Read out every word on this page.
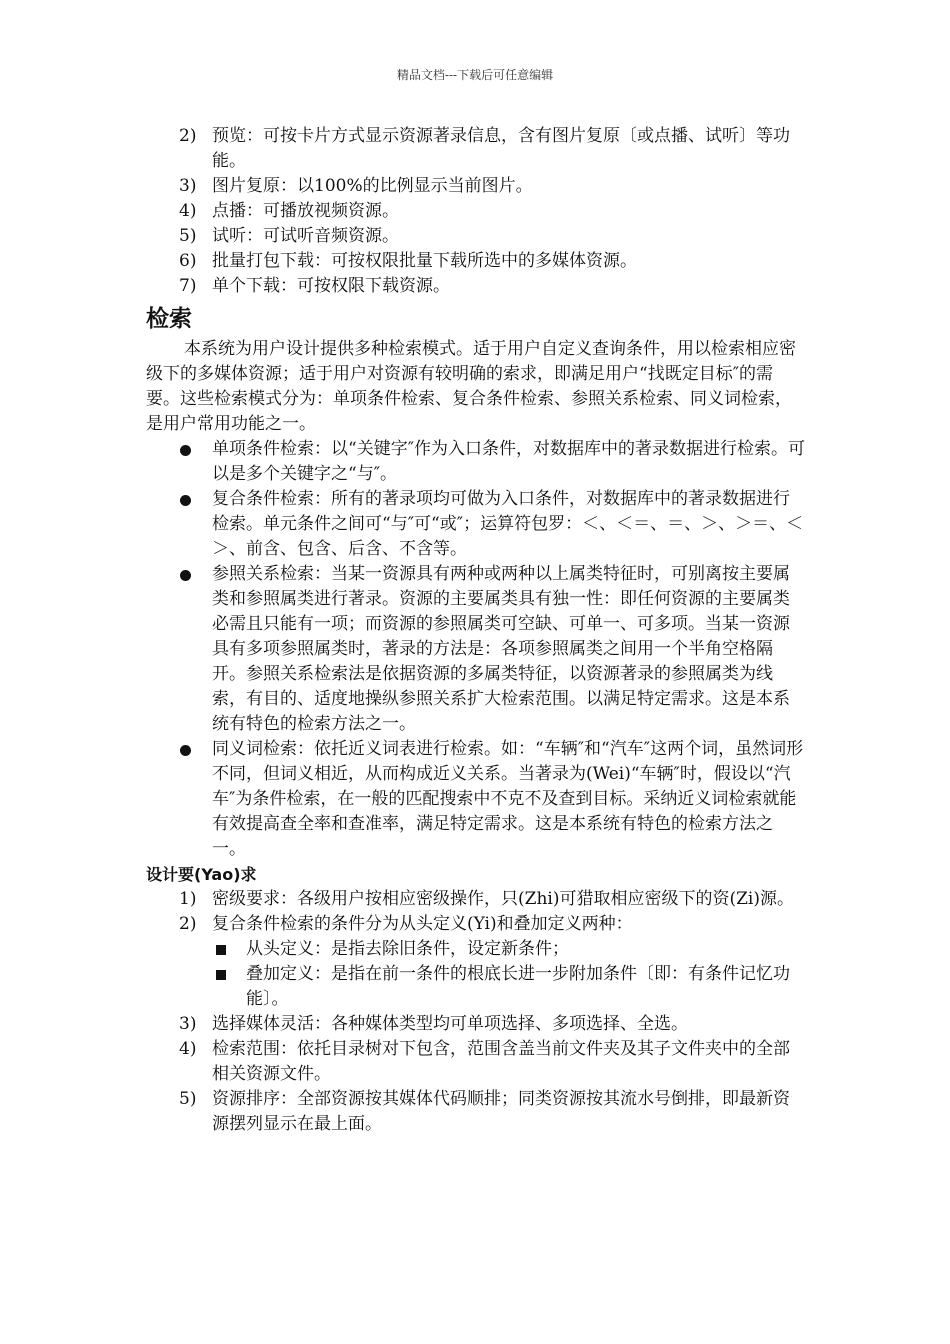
精品文档---下载后可任意编辑
2) 预览：可按卡片方式显示资源著录信息，含有图片复原〔或点播、试听〕等功能。
3) 图片复原：以100%的比例显示当前图片。
4) 点播：可播放视频资源。
5) 试听：可试听音频资源。
6) 批量打包下载：可按权限批量下载所选中的多媒体资源。
7) 单个下载：可按权限下载资源。
检索
本系统为用户设计提供多种检索模式。适于用户自定义查询条件，用以检索相应密级下的多媒体资源；适于用户对资源有较明确的索求，即满足用户“找既定目标″的需要。这些检索模式分为：单项条件检索、复合条件检索、参照关系检索、同义词检索，是用户常用功能之一。
单项条件检索：以“关键字″作为入口条件，对数据库中的著录数据进行检索。可以是多个关键字之“与″。
复合条件检索：所有的著录项均可做为入口条件，对数据库中的著录数据进行检索。单元条件之间可“与″可“或″；运算符包罗：＜、＜＝、＝、＞、＞＝、＜＞、前含、包含、后含、不含等。
参照关系检索：当某一资源具有两种或两种以上属类特征时，可别离按主要属类和参照属类进行著录。资源的主要属类具有独一性：即任何资源的主要属类必需且只能有一项；而资源的参照属类可空缺、可单一、可多项。当某一资源具有多项参照属类时，著录的方法是：各项参照属类之间用一个半角空格隔开。参照关系检索法是依据资源的多属类特征，以资源著录的参照属类为线索，有目的、适度地操纵参照关系扩大检索范围。以满足特定需求。这是本系统有特色的检索方法之一。
同义词检索：依托近义词表进行检索。如：“车辆″和“汽车″这两个词，虽然词形不同，但词义相近，从而构成近义关系。当著录为(Wei)“车辆″时，假设以“汽车″为条件检索，在一般的匹配搜索中不克不及查到目标。采纳近义词检索就能有效提高查全率和查准率，满足特定需求。这是本系统有特色的检索方法之一。
设计要(Yao)求
1) 密级要求：各级用户按相应密级操作，只(Zhi)可猎取相应密级下的资(Zi)源。
2) 复合条件检索的条件分为从头定义(Yi)和叠加定义两种：
从头定义：是指去除旧条件，设定新条件；
叠加定义：是指在前一条件的根底长进一步附加条件〔即：有条件记忆功能〕。
3) 选择媒体灵活：各种媒体类型均可单项选择、多项选择、全选。
4) 检索范围：依托目录树对下包含，范围含盖当前文件夹及其子文件夹中的全部相关资源文件。
5) 资源排序：全部资源按其媒体代码顺排；同类资源按其流水号倒排，即最新资源摆列显示在最上面。
